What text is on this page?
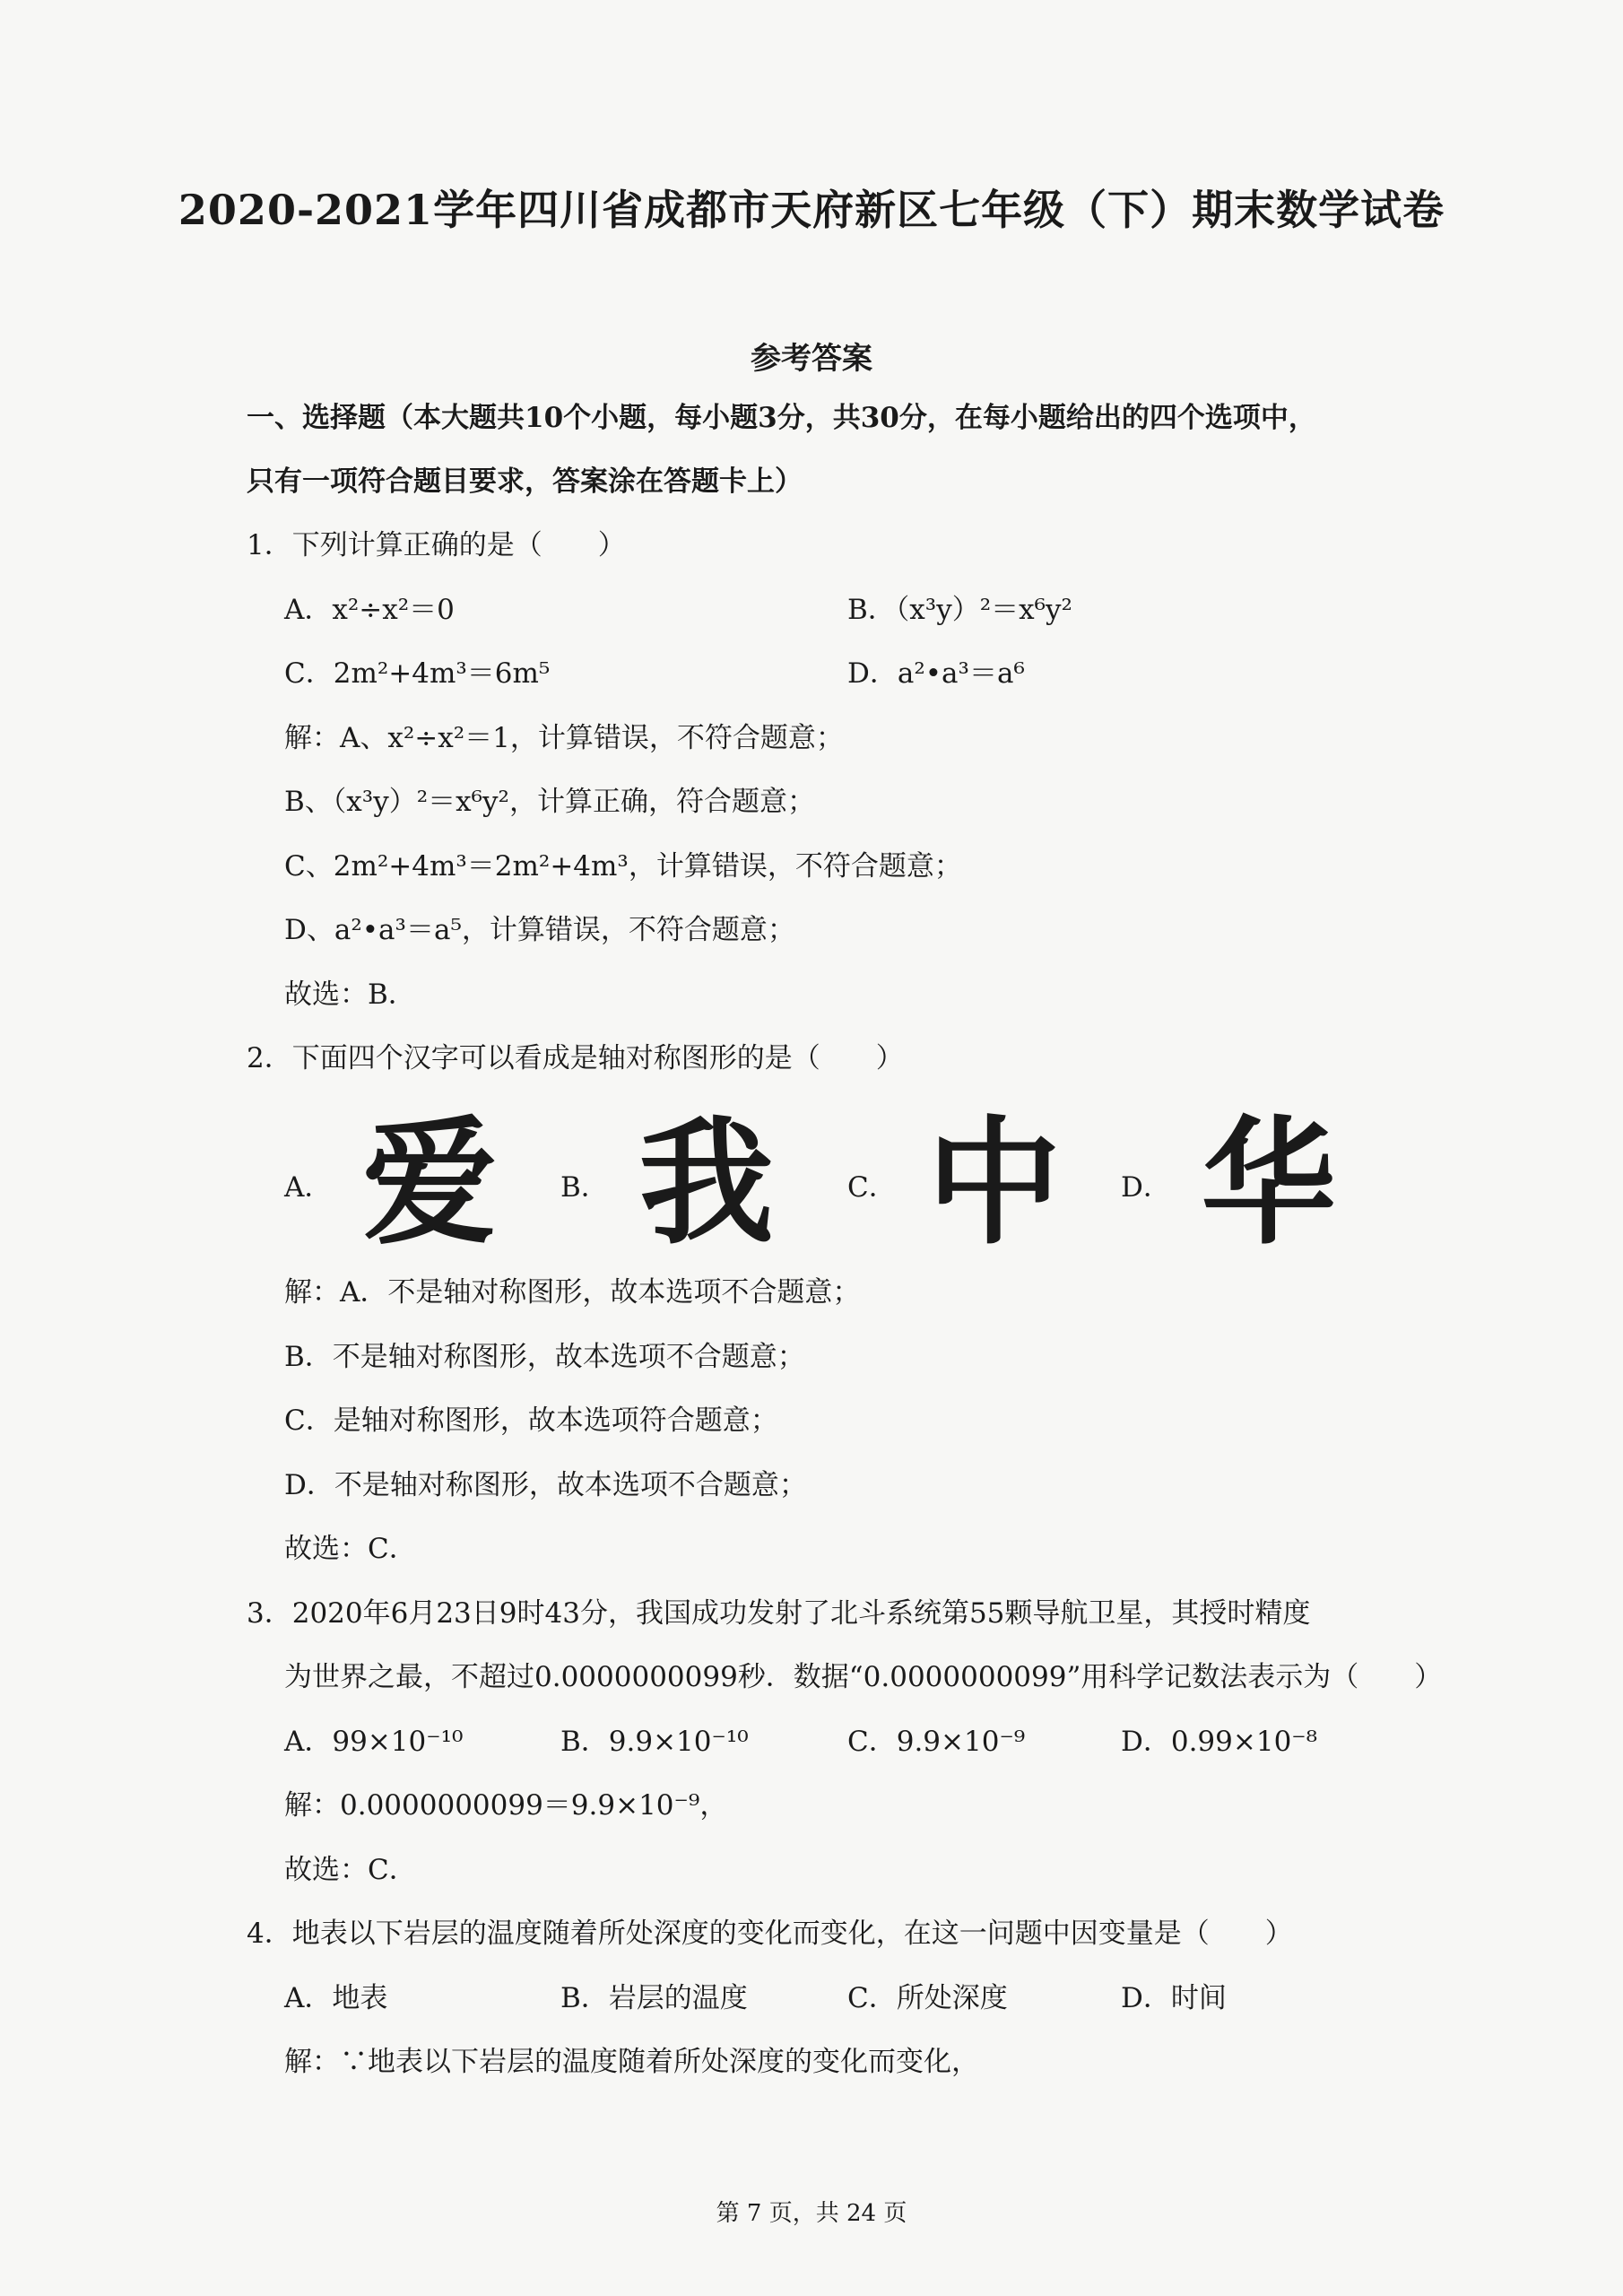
2020-2021学年四川省成都市天府新区七年级（下）期末数学试卷
参考答案
一、选择题（本大题共10个小题，每小题3分，共30分，在每小题给出的四个选项中，
只有一项符合题目要求，答案涂在答题卡上）
1．下列计算正确的是（　　）
A．x²÷x²＝0	B．（x³y）²＝x⁶y²
C．2m²+4m³＝6m⁵	D．a²•a³＝a⁶
解：A、x²÷x²＝1，计算错误，不符合题意；
B、（x³y）²＝x⁶y²，计算正确，符合题意；
C、2m²+4m³＝2m²+4m³，计算错误，不符合题意；
D、a²•a³＝a⁵，计算错误，不符合题意；
故选：B．
2．下面四个汉字可以看成是轴对称图形的是（　　）
A． 爱 B． 我	C． 中 D． 华
解：A．不是轴对称图形，故本选项不合题意；
B．不是轴对称图形，故本选项不合题意；
C．是轴对称图形，故本选项符合题意；
D．不是轴对称图形，故本选项不合题意；
故选：C．
3．2020年6月23日9时43分，我国成功发射了北斗系统第55颗导航卫星，其授时精度
为世界之最，不超过0.0000000099秒．数据“0.0000000099”用科学记数法表示为（　　）
A．99×10⁻¹⁰	B．9.9×10⁻¹⁰	C．9.9×10⁻⁹	D．0.99×10⁻⁸
解：0.0000000099＝9.9×10⁻⁹，
故选：C．
4．地表以下岩层的温度随着所处深度的变化而变化，在这一问题中因变量是（　　）
A．地表	B．岩层的温度	C．所处深度	D．时间
解：∵地表以下岩层的温度随着所处深度的变化而变化，
第 7 页，共 24 页
